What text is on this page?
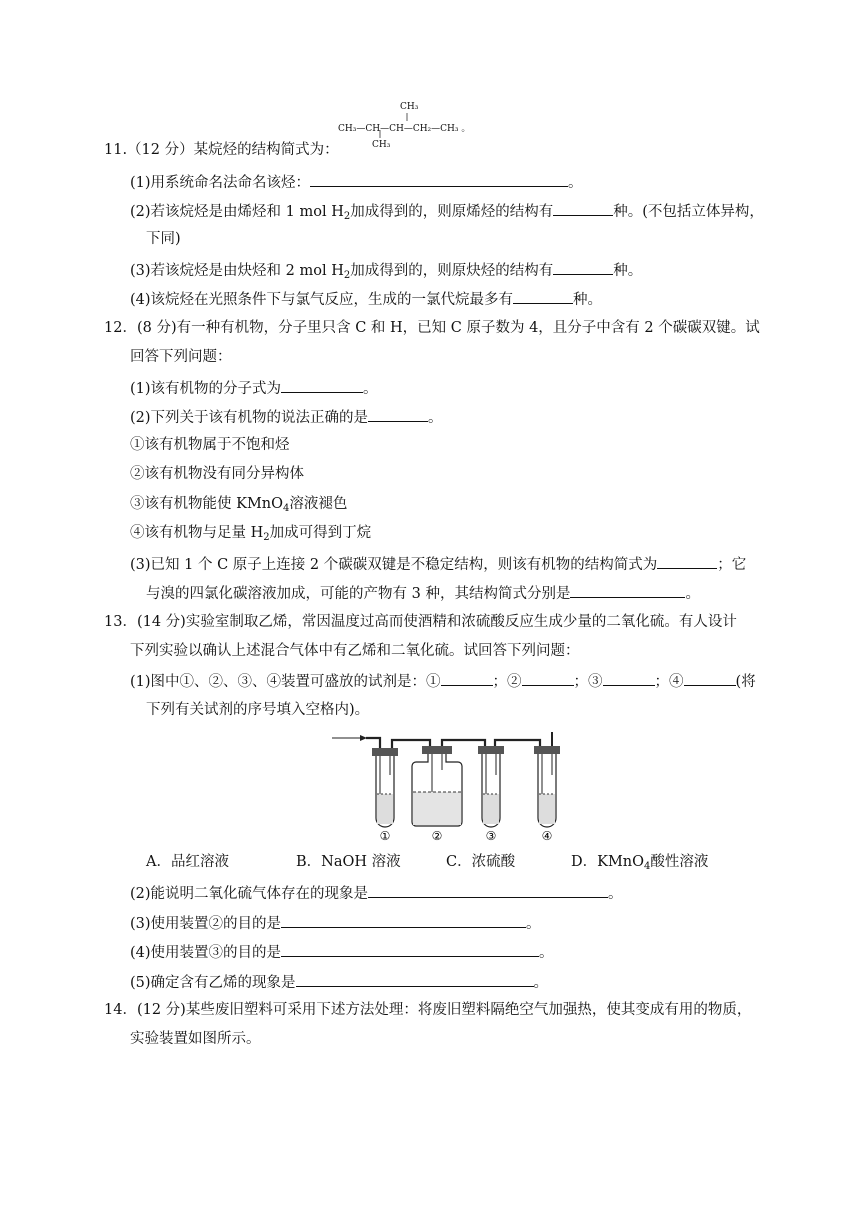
CH₃
CH₃—CH—CH—CH₂—CH₃ 。
CH₃
11.（12 分）某烷烃的结构简式为：
(1)用系统命名法命名该烃：	。
(2)若该烷烃是由烯烃和 1 mol $H_2$加成得到的，则原烯烃的结构有	种。(不包括立体异构，
下同)
(3)若该烷烃是由炔烃和 2 mol $H_2$加成得到的，则原炔烃的结构有	种。
(4)该烷烃在光照条件下与氯气反应，生成的一氯代烷最多有	种。
12．(8 分)有一种有机物，分子里只含 C 和 H，已知 C 原子数为 4，且分子中含有 2 个碳碳双键。试
回答下列问题：
(1)该有机物的分子式为	。
(2)下列关于该有机物的说法正确的是	。
①该有机物属于不饱和烃
②该有机物没有同分异构体
③该有机物能使 KMnO$_4$溶液褪色
④该有机物与足量 $H_2$加成可得到丁烷
(3)已知 1 个 C 原子上连接 2 个碳碳双键是不稳定结构，则该有机物的结构简式为	；它
与溴的四氯化碳溶液加成，可能的产物有 3 种，其结构简式分别是	。
13．(14 分)实验室制取乙烯，常因温度过高而使酒精和浓硫酸反应生成少量的二氧化硫。有人设计
下列实验以确认上述混合气体中有乙烯和二氧化硫。试回答下列问题：
(1)图中①、②、③、④装置可盛放的试剂是：①	；②	；③	；④	(将
下列有关试剂的序号填入空格内)。
①	②	③	④
A．品红溶液	B．NaOH 溶液	C．浓硫酸	D．KMnO$_4$酸性溶液
(2)能说明二氧化硫气体存在的现象是	。
(3)使用装置②的目的是	。
(4)使用装置③的目的是	。
(5)确定含有乙烯的现象是	。
14．(12 分)某些废旧塑料可采用下述方法处理：将废旧塑料隔绝空气加强热，使其变成有用的物质，
实验装置如图所示。
